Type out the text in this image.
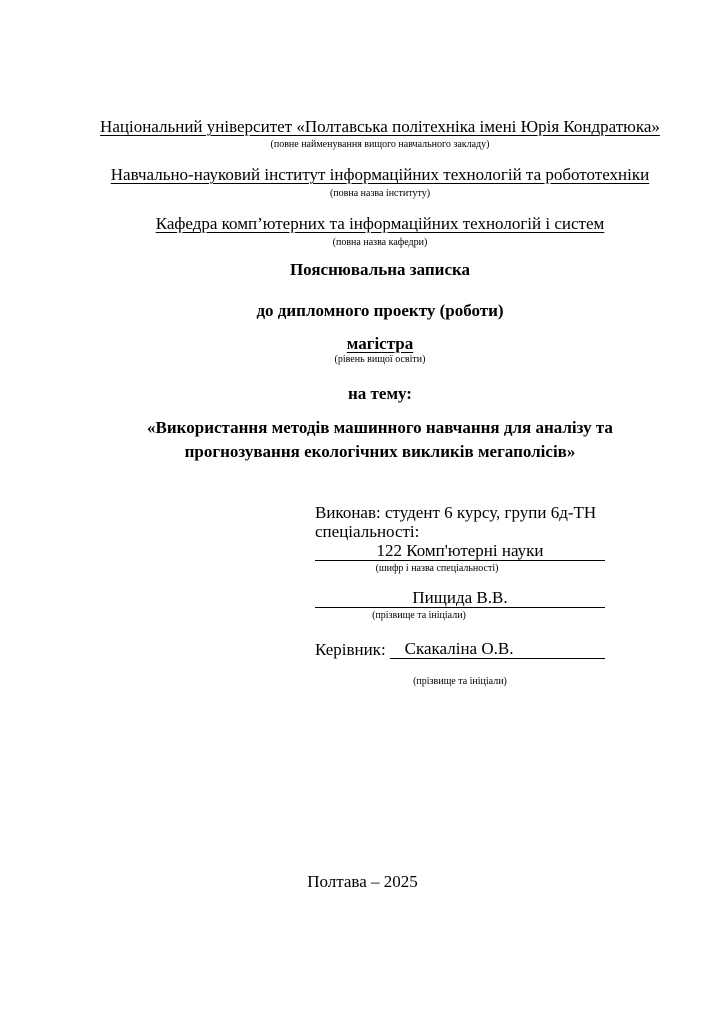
Національний університет «Полтавська політехніка імені Юрія Кондратюка»
(повне найменування вищого навчального закладу)
Навчально-науковий інститут інформаційних технологій та робототехніки
(повна назва інституту)
Кафедра комп’ютерних та інформаційних технологій і систем
(повна назва кафедри)
Пояснювальна записка
до дипломного проекту (роботи)
магістра
(рівень вищої освіти)
на тему:
«Використання методів машинного навчання для аналізу та
прогнозування екологічних викликів мегаполісів»

Виконав: студент 6 курсу, групи 6д-ТН

спеціальності:

122 Комп'ютерні науки
(шифр і назва спеціальності)
Пищида В.В.
(прізвище та ініціали)
Керівник:	Скакаліна О.В.
(прізвище та ініціали)
Полтава – 2025
